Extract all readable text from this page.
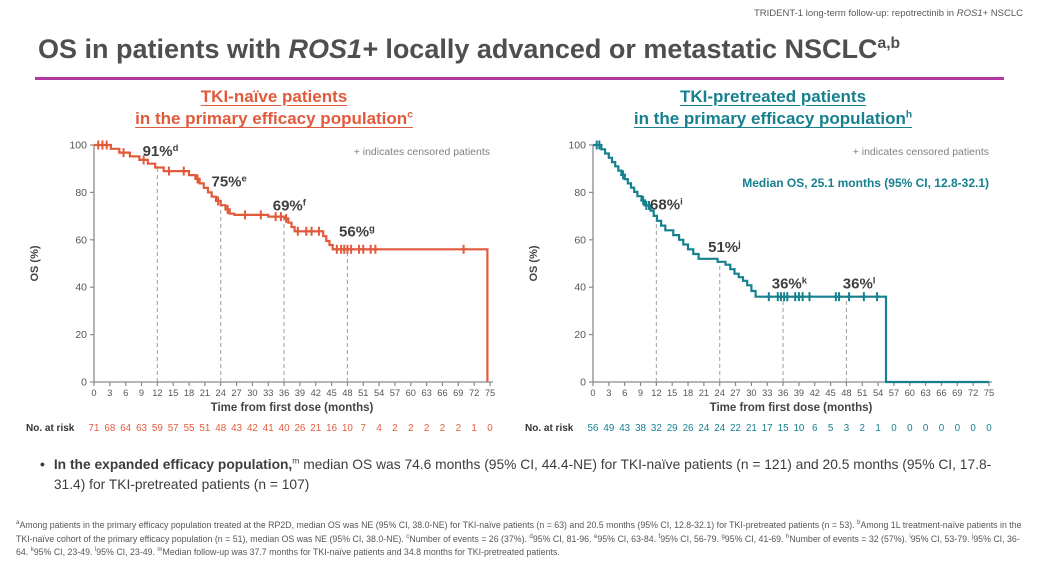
TRIDENT-1 long-term follow-up: repotrectinib in ROS1+ NSCLC
OS in patients with ROS1+ locally advanced or metastatic NSCLC$^{a,b}$
TKI-naïve patients
in the primary efficacy population$^c$
0
20
40
60
80
100
0 3 6 9 12 15 18 21 24 27 30 33 36 39 42 45 48 51 54 57 60 63 66 69 72 75
91%$^d$
75%$^e$
69%$^f$
56%$^g$
+ indicates censored patients
OS (%)
Time from first dose (months)
No. at risk 71 68 64 63 59 57 55 51 48 43 42 41 40 26 21 16 10 7 4 2 2 2 2 2 1 0
TKI-pretreated patients
in the primary efficacy population$^h$
0
20
40
60
80
100
0 3 6 9 12 15 18 21 24 27 30 33 36 39 42 45 48 51 54 57 60 63 66 69 72 75
68%$^i$
51%$^j$
36%$^k$ 36%$^l$
+ indicates censored patients
Median OS, 25.1 months (95% CI, 12.8-32.1)
OS (%)
Time from first dose (months)
No. at risk 56 49 43 38 32 29 26 24 24 22 21 17 15 10 6 5 3 2 1 0 0 0 0 0 0 0
• In the expanded efficacy population,$^m$ median OS was 74.6 months (95% CI, 44.4-NE) for TKI-naïve patients (n = 121) and 20.5 months (95% CI, 17.8-31.4) for TKI-pretreated patients (n = 107)
$^a$Among patients in the primary efficacy population treated at the RP2D, median OS was NE (95% CI, 38.0-NE) for TKI-naïve patients (n = 63) and 20.5 months (95% CI, 12.8-32.1) for TKI-pretreated patients (n = 53). $^b$Among 1L treatment-naïve patients in the TKI-naïve cohort of the primary efficacy population (n = 51), median OS was NE (95% CI, 38.0-NE). $^c$Number of events = 26 (37%). $^d$95% CI, 81-96. $^e$95% CI, 63-84. $^f$95% CI, 56-79. $^g$95% CI, 41-69. $^h$Number of events = 32 (57%). $^i$95% CI, 53-79. $^j$95% CI, 36-64. $^k$95% CI, 23-49. $^l$95% CI, 23-49. $^m$Median follow-up was 37.7 months for TKI-naïve patients and 34.8 months for TKI-pretreated patients.
